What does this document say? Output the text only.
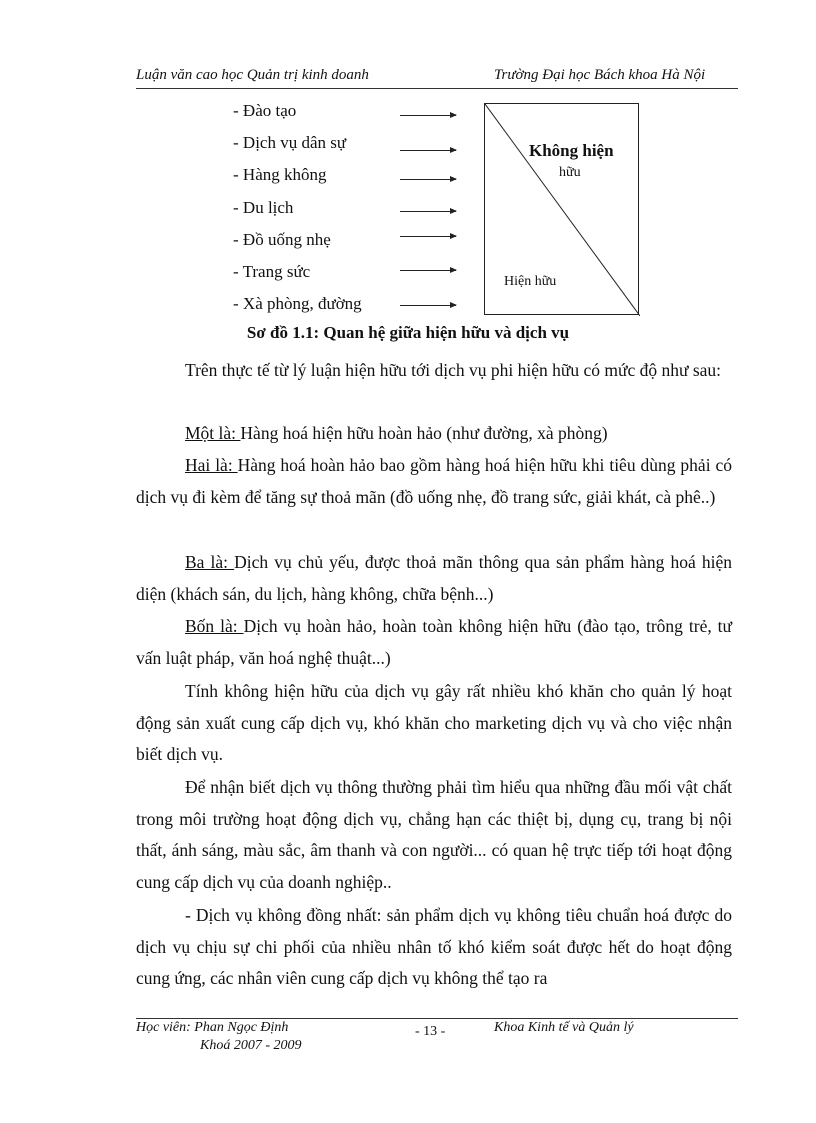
Luận văn cao học Quản trị kinh doanh	Trường Đại học Bách khoa Hà Nội
- Đào tạo
- Dịch vụ dân sự
- Hàng không
- Du lịch
- Đồ uống nhẹ
- Trang sức
- Xà phòng, đường
Không hiện
hữu
Hiện hữu
Sơ đồ 1.1: Quan hệ giữa hiện hữu và dịch vụ
Trên thực tế từ lý luận hiện hữu tới dịch vụ phi hiện hữu có mức độ như sau:
Một là: Hàng hoá hiện hữu hoàn hảo (như đường, xà phòng)
Hai là: Hàng hoá hoàn hảo bao gồm hàng hoá hiện hữu khi tiêu dùng phải có dịch vụ đi kèm để tăng sự thoả mãn (đồ uống nhẹ, đồ trang sức, giải khát, cà phê..)
Ba là: Dịch vụ chủ yếu, được thoả mãn thông qua sản phẩm hàng hoá hiện diện (khách sán, du lịch, hàng không, chữa bệnh...)
Bốn là: Dịch vụ hoàn hảo, hoàn toàn không hiện hữu (đào tạo, trông trẻ, tư vấn luật pháp, văn hoá nghệ thuật...)
Tính không hiện hữu của dịch vụ gây rất nhiều khó khăn cho quản lý hoạt động sản xuất cung cấp dịch vụ, khó khăn cho marketing dịch vụ và cho việc nhận biết dịch vụ.
Để nhận biết dịch vụ thông thường phải tìm hiểu qua những đầu mối vật chất trong môi trường hoạt động dịch vụ, chẳng hạn các thiệt bị, dụng cụ, trang bị nội thất, ánh sáng, màu sắc, âm thanh và con người... có quan hệ trực tiếp tới hoạt động cung cấp dịch vụ của doanh nghiệp..
- Dịch vụ không đồng nhất: sản phẩm dịch vụ không tiêu chuẩn hoá được do dịch vụ chịu sự chi phối của nhiều nhân tố khó kiểm soát được hết do hoạt động cung ứng, các nhân viên cung cấp dịch vụ không thể tạo ra
Học viên: Phan Ngọc Định
Khoá 2007 - 2009
- 13 -	Khoa Kinh tế và Quản lý
